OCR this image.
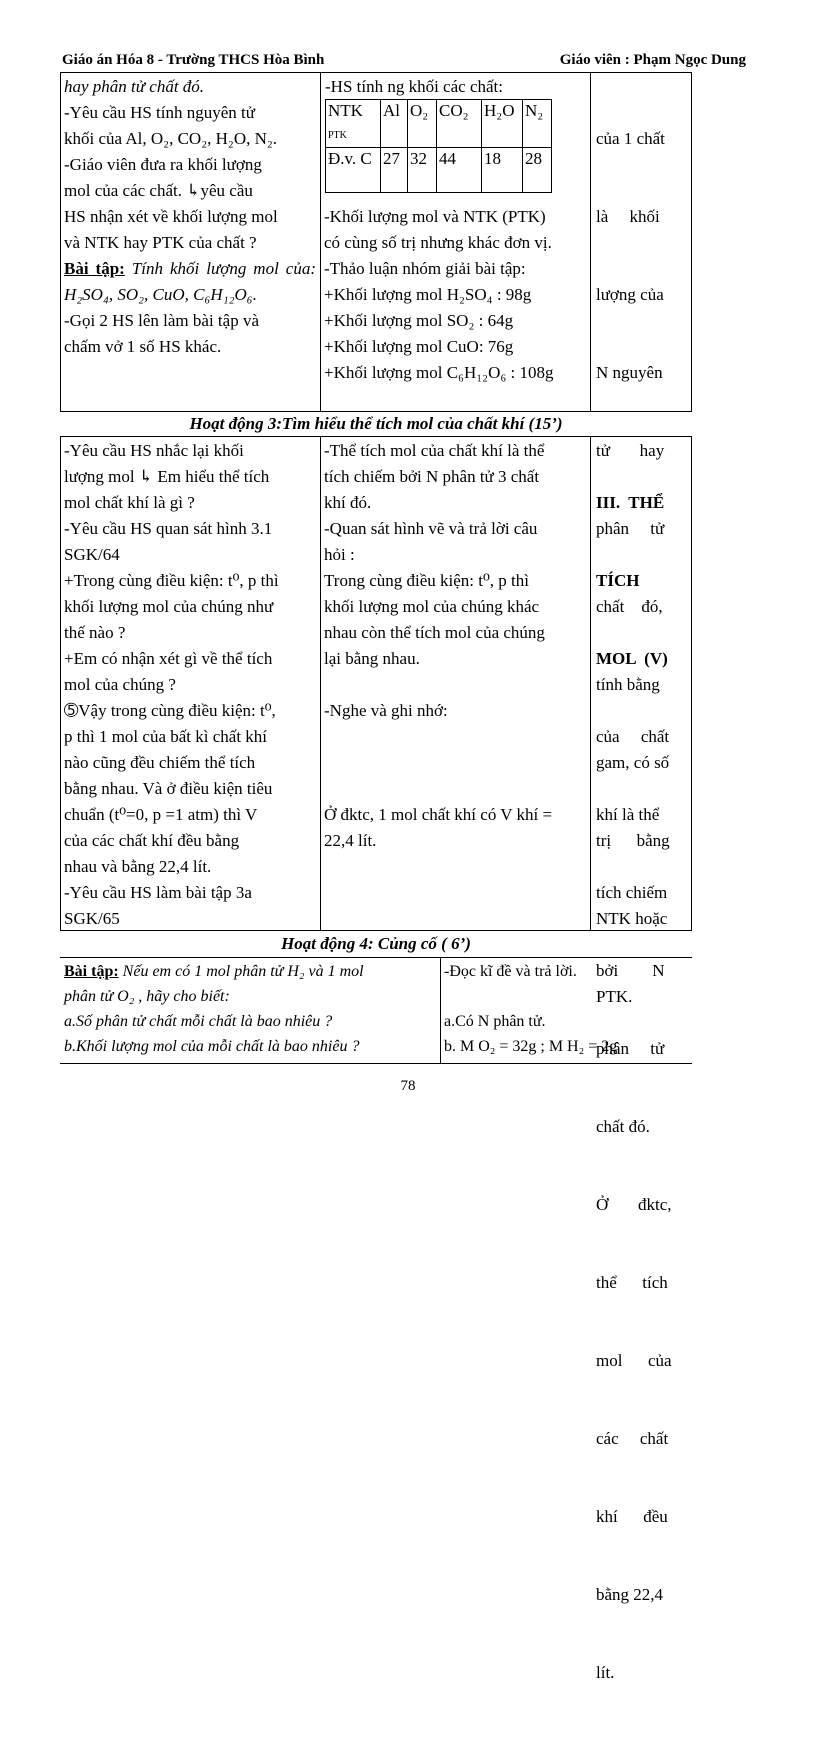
Giáo án Hóa 8 - Trường THCS Hòa Bình	Giáo viên : Phạm Ngọc Dung

hay phân tử chất đó.

-Yêu cầu HS tính nguyên tử

khối của Al, O₂, CO₂, H₂O, N₂.

-Giáo viên đưa ra khối lượng

mol của các chất. ↳yêu cầu

HS nhận xét về khối lượng mol

và NTK hay PTK của chất ?

Bài tập: Tính khối lượng mol của: H₂SO₄, SO₂, CuO, C₆H₁₂O₆.

-Gọi 2 HS lên làm bài tập và

chấm vở 1 số HS khác.

-HS tính ng khối các chất:
NTK
PTK	Al	O₂	CO₂	H₂O	N₂
Đ.v. C	27	32	44	18	28

-Khối lượng mol và NTK (PTK)

có cùng số trị nhưng khác đơn vị.

-Thảo luận nhóm giải bài tập:

+Khối lượng mol H₂SO₄ : 98g

+Khối lượng mol SO₂ : 64g

+Khối lượng mol CuO: 76g

+Khối lượng mol C₆H₁₂O₆ : 108g

của 1 chất

là     khối

lượng của

N nguyên

tử       hay

phân     tử

chất    đó,

tính bằng

gam, có số

trị      bằng

NTK hoặc

PTK.

Hoạt động 3:Tìm hiểu thể tích mol của chất khí (15’)

-Yêu cầu HS nhắc lại khối

lượng mol ↳ Em hiểu thể tích

mol chất khí là gì ?

-Yêu cầu HS quan sát hình 3.1

SGK/64

+Trong cùng điều kiện: t⁰, p thì

khối lượng mol của chúng như

thế nào ?

+Em có nhận xét gì về thể tích

mol của chúng ?

➄Vậy trong cùng điều kiện: t⁰,

p thì 1 mol của bất kì chất khí

nào cũng đều chiếm thể tích

bằng nhau. Và ở điều kiện tiêu

chuẩn (t⁰=0, p =1 atm) thì V

của các chất khí đều bằng

nhau và bằng 22,4 lít.

-Yêu cầu HS làm bài tập 3a

SGK/65

-Thể tích mol của chất khí là thể

tích chiếm bởi N phân tử 3 chất

khí đó.

-Quan sát hình vẽ và trả lời câu

hỏi :

Trong cùng điều kiện: t⁰, p thì

khối lượng mol của chúng khác

nhau còn thể tích mol của chúng

lại bằng nhau.

-Nghe và ghi nhớ:

Ở đktc, 1 mol chất khí có V khí =

22,4 lít.

III.  THỂ

TÍCH

MOL  (V)

của     chất

khí là thể

tích chiếm

bởi        N

phân     tử

chất đó.

Ở       đktc,

thể      tích

mol      của

các     chất

khí      đều

bằng 22,4

lít.

Hoạt động 4: Củng cố ( 6’)

Bài tập: Nếu em có 1 mol phân tử H₂ và 1 mol

phân tử O₂ , hãy cho biết:

a.Số phân tử chất mỗi chất là bao nhiêu ?

b.Khối lượng mol của mỗi chất là bao nhiêu ?

-Đọc kĩ đề và trả lời.

a.Có N phân tử.

b. M O₂ = 32g ; M H₂ = 2g

78
